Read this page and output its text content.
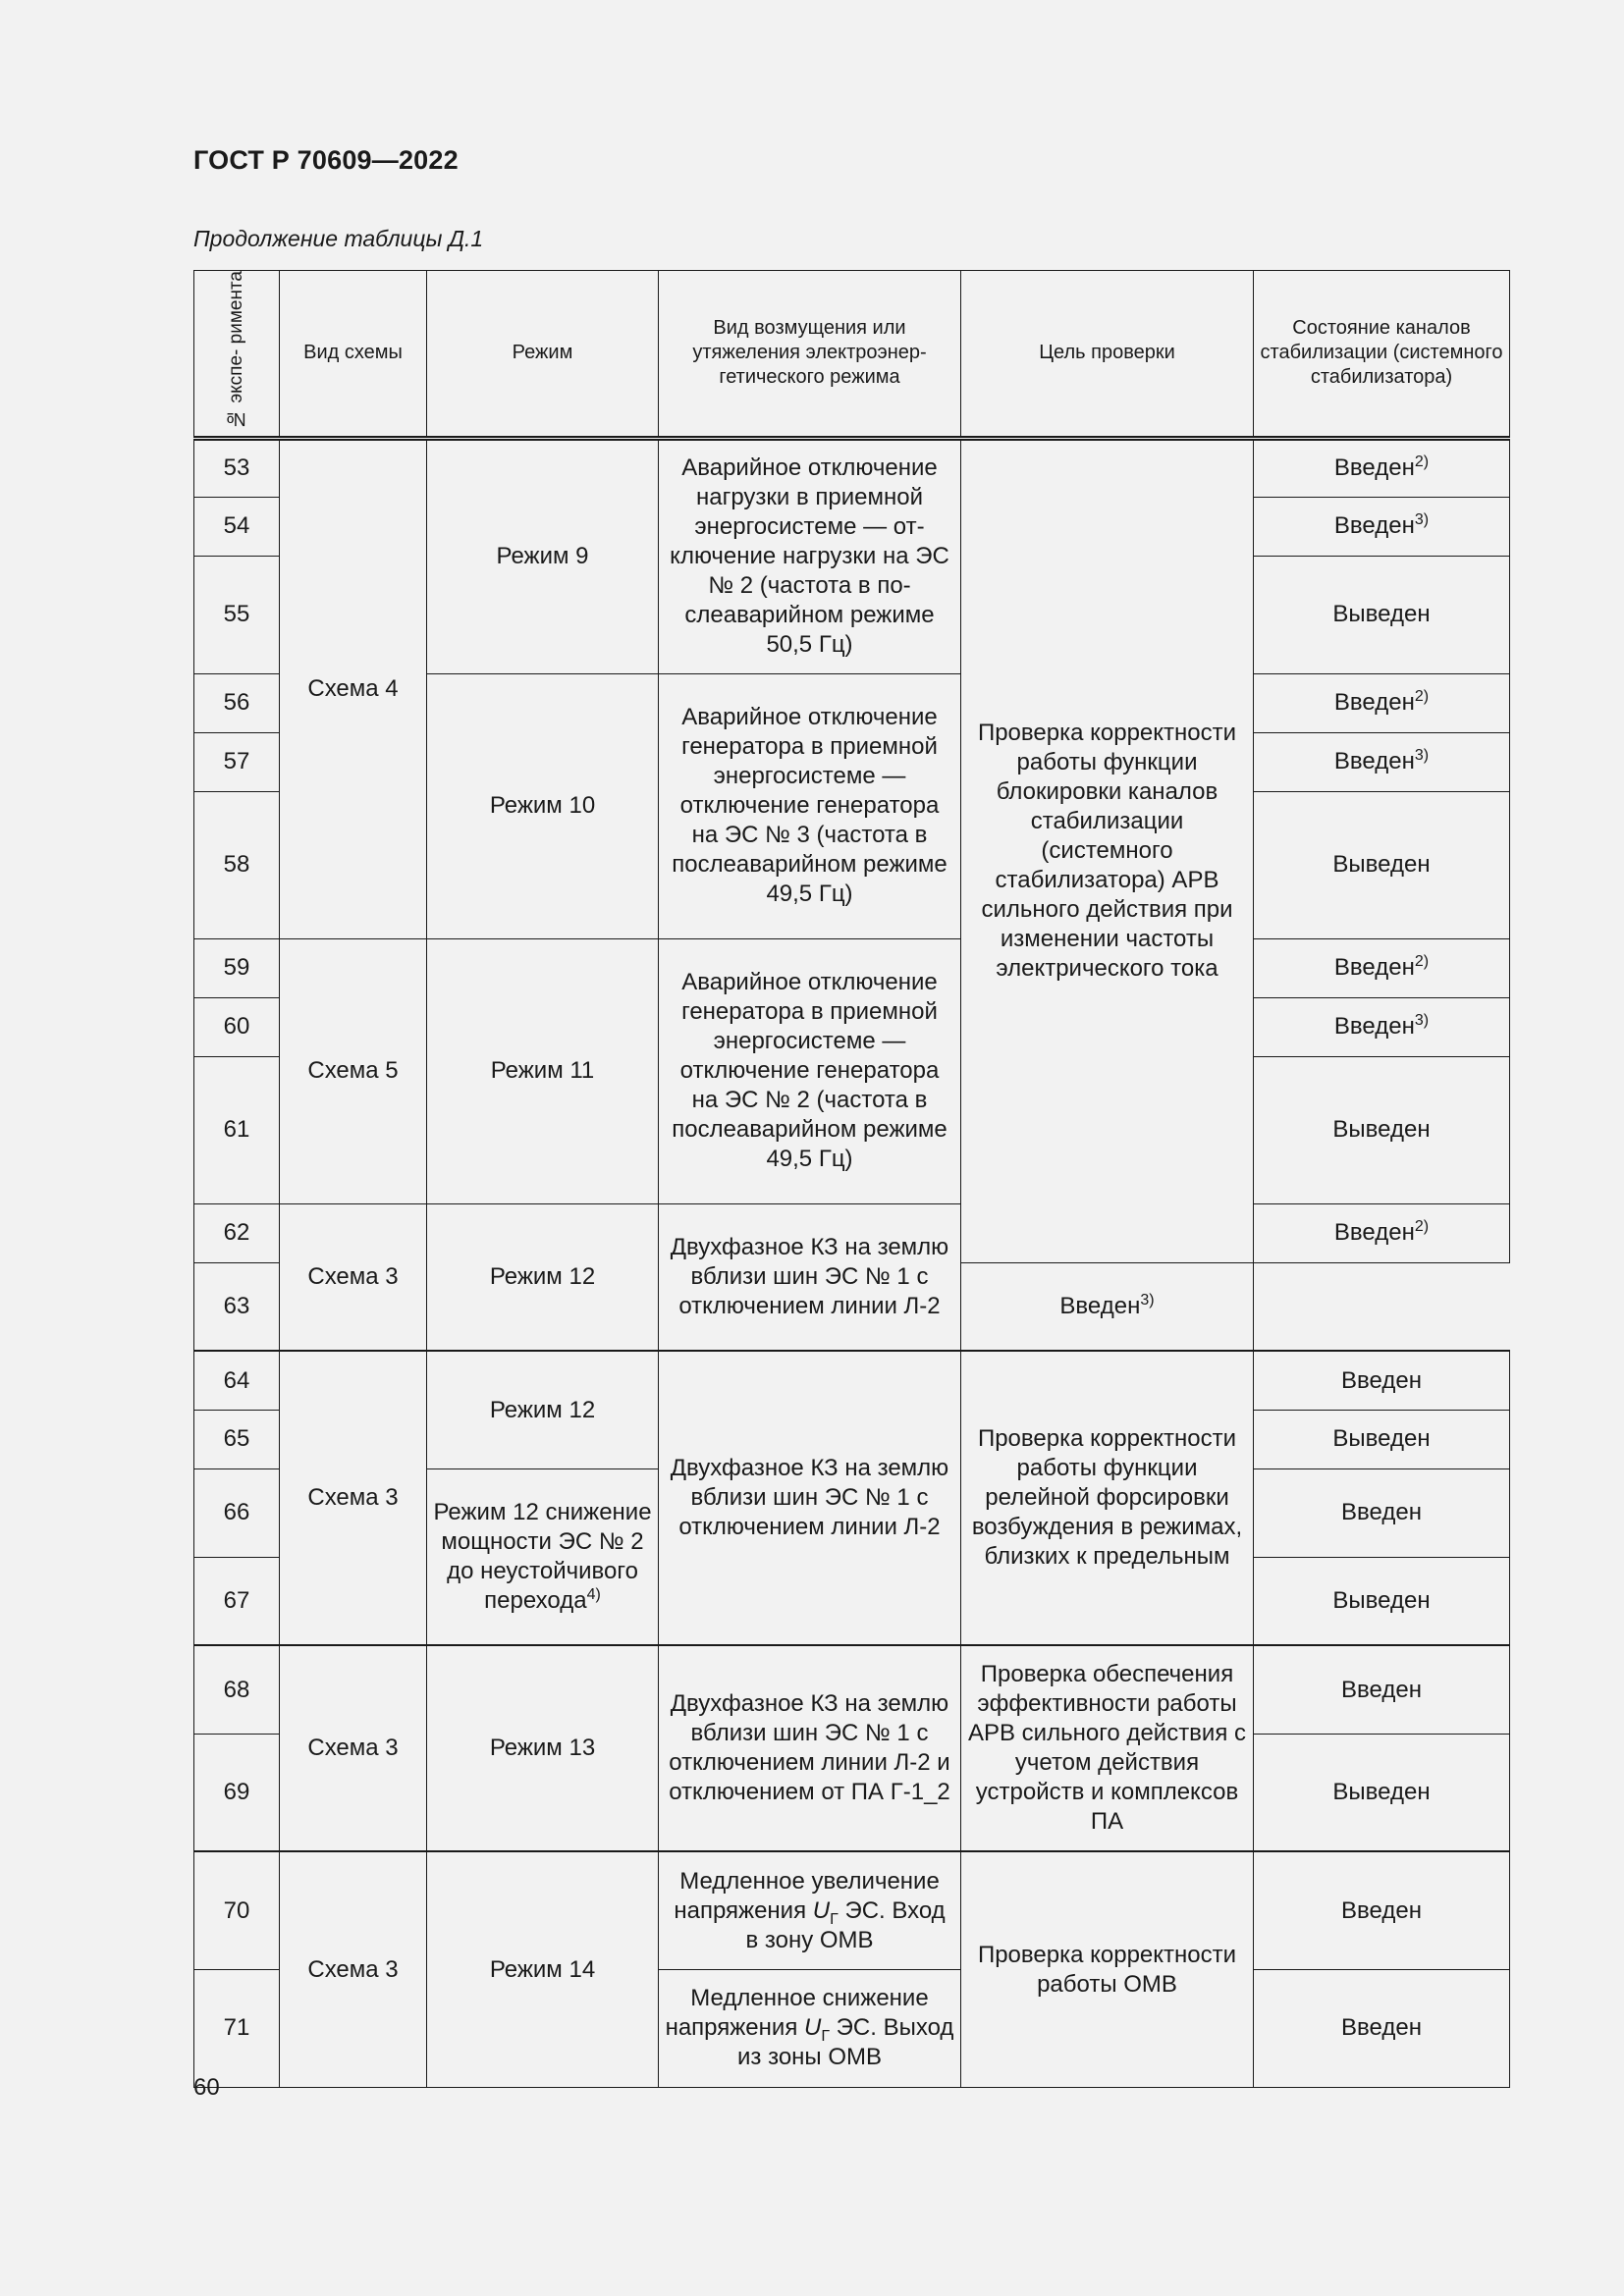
ГОСТ Р 70609—2022
Продолжение таблицы Д.1
№ экспе- римента	Вид схемы	Режим	Вид возмущения или утяжеления электроэнер-гетического режима	Цель проверки	Состояние каналов стабилизации (системного стабилизатора)
53	Схема 4	Режим 9	Аварийное отключение нагрузки в приемной энергосистеме — от-ключение нагрузки на ЭС № 2 (частота в по-слеаварийном режиме 50,5 Гц)	Проверка корректности работы функции блокировки каналов стабилизации (системного стабилизатора) АРВ сильного действия при изменении частоты электрического тока	Введен$^{2)}$
54					Введен$^{3)}$
55					Выведен
56		Режим 10	Аварийное отключение генератора в приемной энергосистеме — отключение генератора на ЭС № 3 (частота в послеаварийном режиме 49,5 Гц)		Введен$^{2)}$
57					Введен$^{3)}$
58					Выведен
59	Схема 5	Режим 11	Аварийное отключение генератора в приемной энергосистеме — отключение генератора на ЭС № 2 (частота в послеаварийном режиме 49,5 Гц)		Введен$^{2)}$
60					Введен$^{3)}$
61					Выведен
62	Схема 3	Режим 12	Двухфазное КЗ на землю вблизи шин ЭС № 1 с отключением линии Л-2		Введен$^{2)}$
63				Введен$^{3)}$
64	Схема 3	Режим 12	Двухфазное КЗ на землю вблизи шин ЭС № 1 с отключением линии Л-2	Проверка корректности работы функции релейной форсировки возбуждения в режимах, близких к предельным	Введен
65					Выведен
66		Режим 12 снижение мощности ЭС № 2 до неустойчивого перехода$^{4)}$			Введен
67					Выведен
68	Схема 3	Режим 13	Двухфазное КЗ на землю вблизи шин ЭС № 1 с отключением линии Л-2 и отключением от ПА Г-1_2	Проверка обеспечения эффективности работы АРВ сильного действия с учетом действия устройств и комплексов ПА	Введен
69					Выведен
70	Схема 3	Режим 14	Медленное увеличение напряжения $U_Г$ ЭС. Вход в зону ОМВ	Проверка корректности работы ОМВ	Введен
71			Медленное снижение напряжения $U_Г$ ЭС. Выход из зоны ОМВ		Введен
60
